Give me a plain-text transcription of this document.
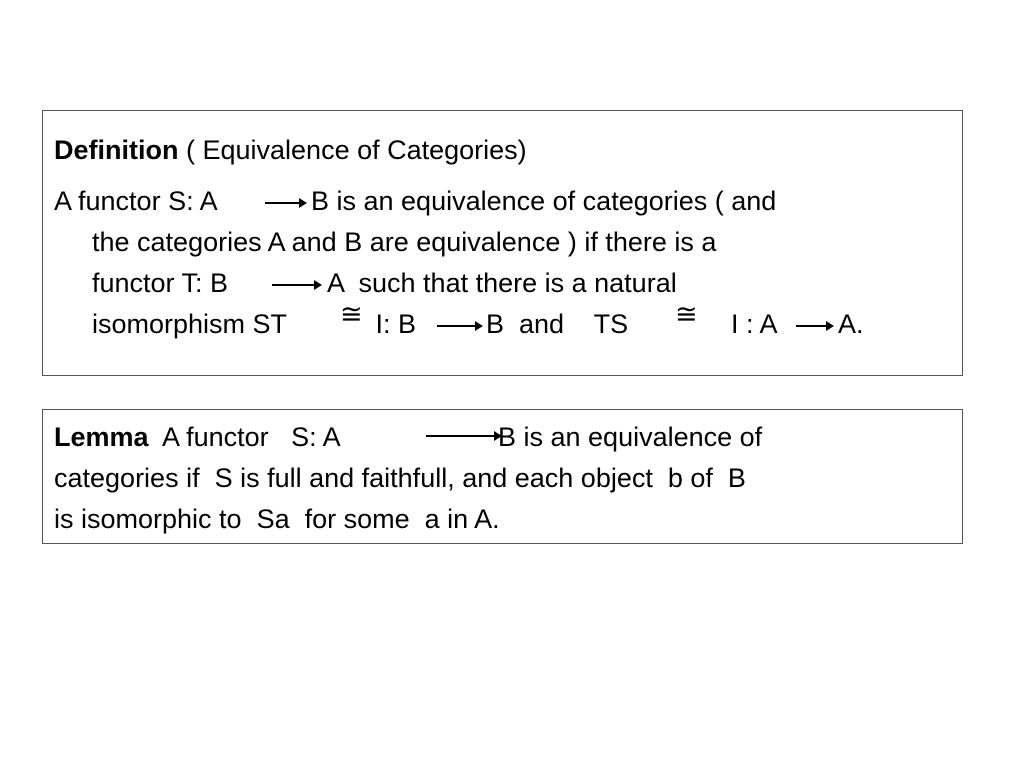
Definition ( Equivalence of Categories)
A functor S: A	B is an equivalence of categories ( and
the categories A and B are equivalence ) if there is a
functor T: B	A  such that there is a natural
isomorphism ST ≅ I: B	B  and    TS ≅ I : A A.
Lemma  A functor   S: A	B is an equivalence of
categories if  S is full and faithfull, and each object  b of  B
is isomorphic to  Sa  for some  a in A.
